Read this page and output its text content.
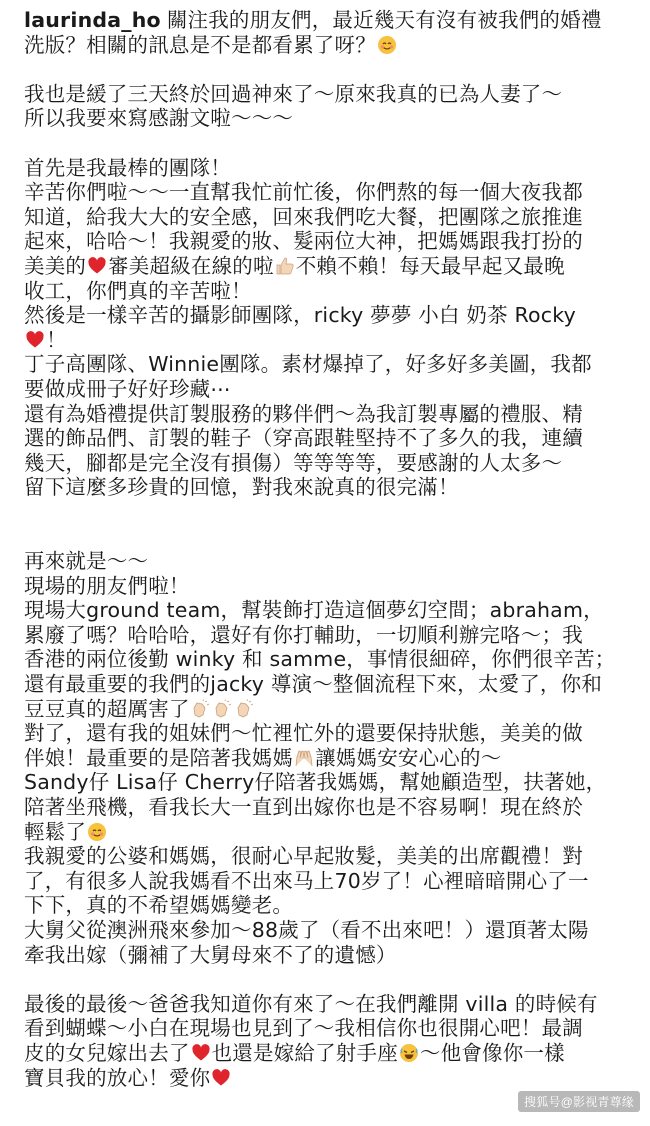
laurinda_ho 關注我的朋友們，最近幾天有沒有被我們的婚禮
洗版？相關的訊息是不是都看累了呀？
我也是緩了三天終於回過神來了～原來我真的已為人妻了～
所以我要來寫感謝文啦～～～
首先是我最棒的團隊！
辛苦你們啦～～一直幫我忙前忙後，你們熬的每一個大夜我都
知道，給我大大的安全感，回來我們吃大餐，把團隊之旅推進
起來，哈哈～！我親愛的妝、髮兩位大神，把媽媽跟我打扮的
美美的 審美超級在線的啦 不賴不賴！每天最早起又最晚
收工，你們真的辛苦啦！
然後是一樣辛苦的攝影師團隊，ricky 夢夢 小白 奶茶 Rocky
！
丁子高團隊、Winnie團隊。素材爆掉了，好多好多美圖，我都
要做成冊子好好珍藏⋯
還有為婚禮提供訂製服務的夥伴們～為我訂製專屬的禮服、精
選的飾品們、訂製的鞋子（穿高跟鞋堅持不了多久的我，連續
幾天，腳都是完全沒有損傷）等等等等，要感謝的人太多～
留下這麼多珍貴的回憶，對我來說真的很完滿！
再來就是～～
現場的朋友們啦！
現場大ground team，幫裝飾打造這個夢幻空間；abraham，
累廢了嗎？哈哈哈，還好有你打輔助，一切順利辦完咯～；我
香港的兩位後勤 winky 和 samme，事情很細碎，你們很辛苦；
還有最重要的我們的jacky 導演～整個流程下來，太愛了，你和
豆豆真的超厲害了
對了，還有我的姐妹們～忙裡忙外的還要保持狀態，美美的做
伴娘！最重要的是陪著我媽媽 讓媽媽安安心心的～
Sandy仔 Lisa仔 Cherry仔陪著我媽媽，幫她顧造型，扶著她，
陪著坐飛機，看我长大一直到出嫁你也是不容易啊！現在終於
輕鬆了
我親愛的公婆和媽媽，很耐心早起妝髮，美美的出席觀禮！對
了，有很多人說我媽看不出來马上70岁了！心裡暗暗開心了一
下下，真的不希望媽媽變老。
大舅父從澳洲飛來參加～88歲了（看不出來吧！）還頂著太陽
牽我出嫁（彌補了大舅母來不了的遺憾）
最後的最後～爸爸我知道你有來了～在我們離開 villa 的時候有
看到蝴蝶～小白在現場也見到了～我相信你也很開心吧！最調
皮的女兒嫁出去了 也還是嫁給了射手座 ～他會像你一樣
寶貝我的放心！愛你
搜狐号@影视青尊缘
